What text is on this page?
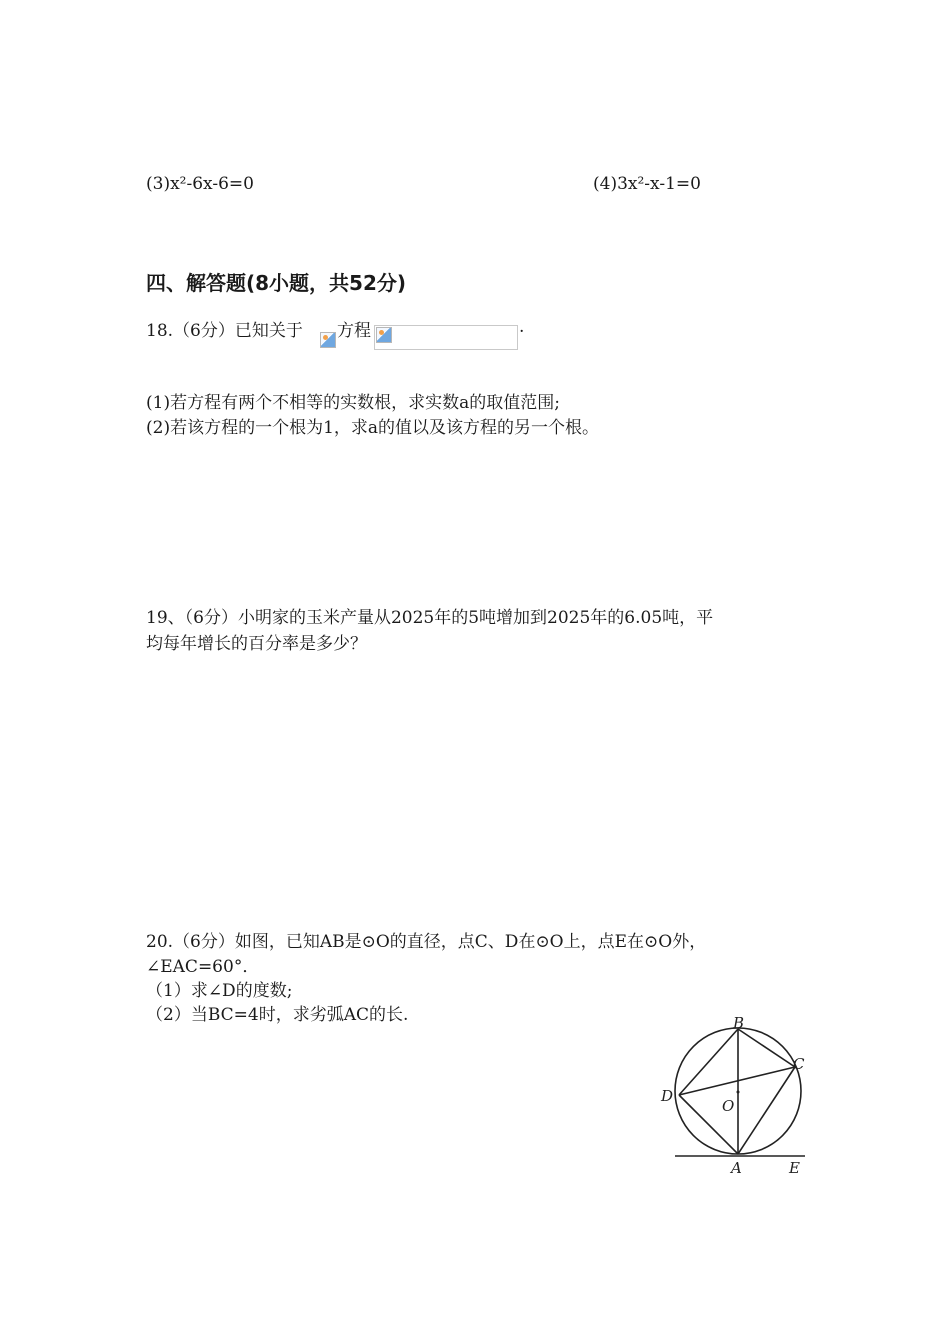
(3)x²-6x-6=0	(4)3x²-x-1=0
四、解答题(8小题，共52分)
18.（6分）已知关于 方程	.
(1)若方程有两个不相等的实数根，求实数a的取值范围;
(2)若该方程的一个根为1，求a的值以及该方程的另一个根。
19、（6分）小明家的玉米产量从2025年的5吨增加到2025年的6.05吨，平
均每年增长的百分率是多少？
20.（6分）如图，已知AB是⊙O的直径，点C、D在⊙O上，点E在⊙O外，
∠EAC=60°．
（1）求∠D的度数;
（2）当BC=4时，求劣弧AC的长.	B
C
D
O
A	E
